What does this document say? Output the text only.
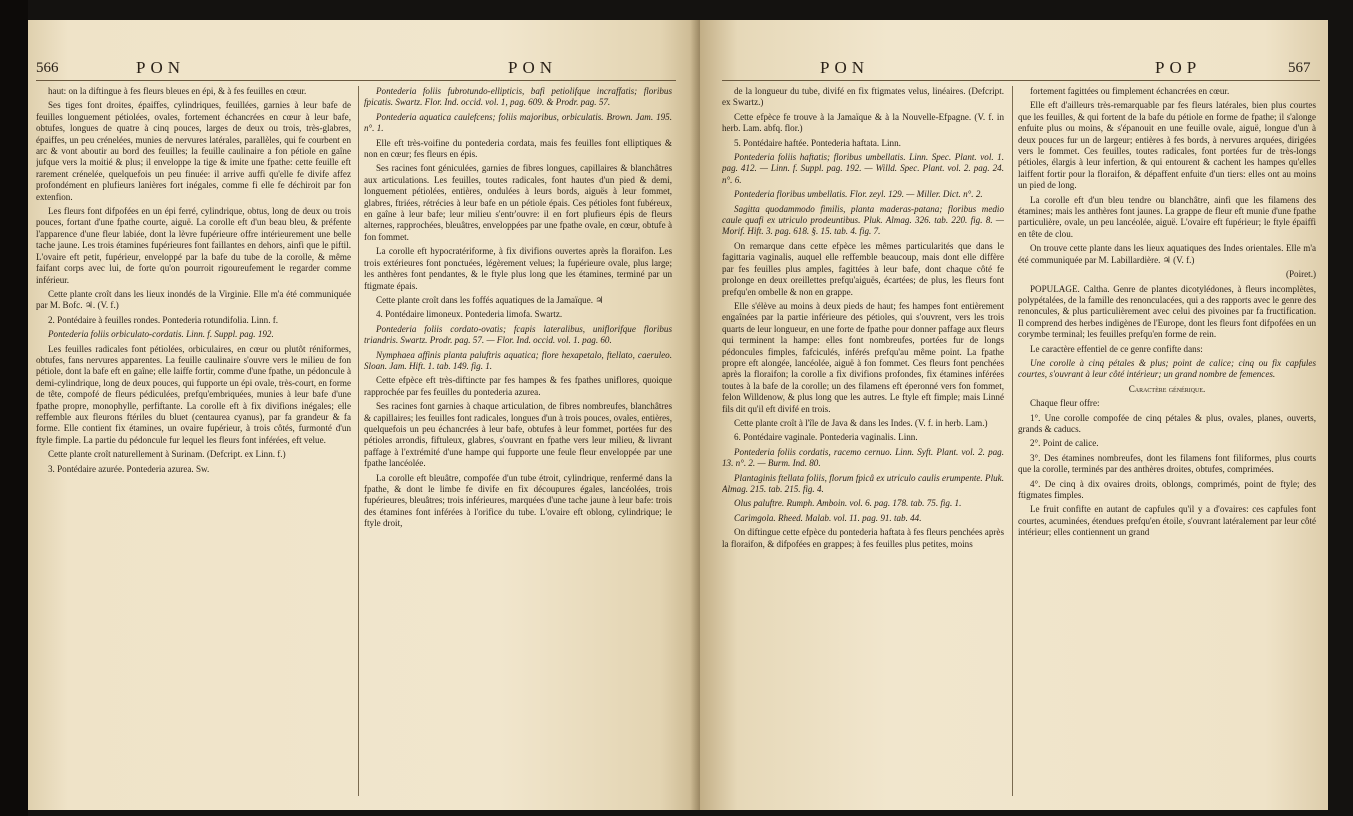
566	PON	PON

haut: on la diftingue à fes fleurs bleues en épi, & à fes feuilles en cœur.

Ses tiges font droites, épaiffes, cylindriques, feuillées, garnies à leur bafe de feuilles longuement pétiolées, ovales, fortement échancrées en cœur à leur bafe, obtufes, longues de quatre à cinq pouces, larges de deux ou trois, très-glabres, épaiffes, un peu crénelées, munies de nervures latérales, parallèles, qui fe courbent en arc & vont aboutir au bord des feuilles; la feuille caulinaire a fon pétiole en gaîne jufque vers la moitié & plus; il enveloppe la tige & imite une fpathe: cette feuille eft rarement crénelée, quelquefois un peu finuée: il arrive auffi qu'elle fe divife affez profondément en plufieurs lanières fort inégales, comme fi elle fe déchiroit par fon extenfion.

Les fleurs font difpofées en un épi ferré, cylindrique, obtus, long de deux ou trois pouces, fortant d'une fpathe courte, aiguë. La corolle eft d'un beau bleu, & préfente l'apparence d'une fleur labiée, dont la lèvre fupérieure offre intérieurement une belle tache jaune. Les trois étamines fupérieures font faillantes en dehors, ainfi que le piftil. L'ovaire eft petit, fupérieur, enveloppé par la bafe du tube de la corolle, & même faifant corps avec lui, de forte qu'on pourroit rigoureufement le regarder comme inférieur.

Cette plante croît dans les lieux inondés de la Virginie. Elle m'a été communiquée par M. Bofc. ♃. (V. f.)

2. Pontédaire à feuilles rondes. Pontederia rotundifolia. Linn. f.

Pontederia foliis orbiculato-cordatis. Linn. f. Suppl. pag. 192.

Les feuilles radicales font pétiolées, orbiculaires, en cœur ou plutôt réniformes, obtufes, fans nervures apparentes. La feuille caulinaire s'ouvre vers le milieu de fon pétiole, dont la bafe eft en gaîne; elle laiffe fortir, comme d'une fpathe, un pédoncule à demi-cylindrique, long de deux pouces, qui fupporte un épi ovale, très-court, en forme de tête, compofé de fleurs pédiculées, prefqu'embriquées, munies à leur bafe d'une fpathe propre, monophylle, perfiftante. La corolle eft à fix divifions inégales; elle reffemble aux fleurons ftériles du bluet (centaurea cyanus), par fa grandeur & fa forme. Elle contient fix étamines, un ovaire fupérieur, à trois côtés, furmonté d'un ftyle fimple. La partie du pédoncule fur lequel les fleurs font inférées, eft velue.

Cette plante croît naturellement à Surinam. (Defcript. ex Linn. f.)

3. Pontédaire azurée. Pontederia azurea. Sw.

Pontederia foliis fubrotundo-ellipticis, bafi petiolifque incraffatis; floribus fpicatis. Swartz. Flor. Ind. occid. vol. 1, pag. 609. & Prodr. pag. 57.

Pontederia aquatica caulefcens; foliis majoribus, orbiculatis. Brown. Jam. 195. n°. 1.

Elle eft très-voifine du pontederia cordata, mais fes feuilles font elliptiques & non en cœur; fes fleurs en épis.

Ses racines font géniculées, garnies de fibres longues, capillaires & blanchâtres aux articulations. Les feuilles, toutes radicales, font hautes d'un pied & demi, longuement pétiolées, entières, ondulées à leurs bords, aiguës à leur fommet, glabres, ftriées, rétrécies à leur bafe en un pétiole épais. Ces pétioles font fubéreux, en gaîne à leur bafe; leur milieu s'entr'ouvre: il en fort plufieurs épis de fleurs alternes, rapprochées, bleuâtres, enveloppées par une fpathe ovale, en cœur, obtufe à fon fommet.

La corolle eft hypocratériforme, à fix divifions ouvertes après la floraifon. Les trois extérieures font ponctuées, légèrement velues; la fupérieure ovale, plus large; les anthères font pendantes, & le ftyle plus long que les étamines, terminé par un ftigmate épais.

Cette plante croît dans les foffés aquatiques de la Jamaïque. ♃

4. Pontédaire limoneux. Pontederia limofa. Swartz.

Pontederia foliis cordato-ovatis; fcapis lateralibus, uniflorifque floribus triandris. Swartz. Prodr. pag. 57. — Flor. Ind. occid. vol. 1. pag. 60.

Nymphaea affinis planta paluftris aquatica; flore hexapetalo, ftellato, caeruleo. Sloan. Jam. Hift. 1. tab. 149. fig. 1.

Cette efpèce eft très-diftincte par fes hampes & fes fpathes uniflores, quoique rapprochée par fes feuilles du pontederia azurea.

Ses racines font garnies à chaque articulation, de fibres nombreufes, blanchâtres & capillaires; les feuilles font radicales, longues d'un à trois pouces, ovales, entières, quelquefois un peu échancrées à leur bafe, obtufes à leur fommet, portées fur des pétioles arrondis, fiftuleux, glabres, s'ouvrant en fpathe vers leur milieu, & livrant paffage à l'extrémité d'une hampe qui fupporte une feule fleur enveloppée par une fpathe lancéolée.

La corolle eft bleuâtre, compofée d'un tube étroit, cylindrique, renfermé dans la fpathe, & dont le limbe fe divife en fix découpures égales, lancéolées, trois fupérieures, bleuâtres; trois inférieures, marquées d'une tache jaune à leur bafe: trois des étamines font inférées à l'orifice du tube. L'ovaire eft oblong, cylindrique; le ftyle droit,

PON	POP	567

de la longueur du tube, divifé en fix ftigmates velus, linéaires. (Defcript. ex Swartz.)

Cette efpèce fe trouve à la Jamaïque & à la Nouvelle-Efpagne. (V. f. in herb. Lam. abfq. flor.)

5. Pontédaire haftée. Pontederia haftata. Linn.

Pontederia foliis haftatis; floribus umbellatis. Linn. Spec. Plant. vol. 1. pag. 412. — Linn. f. Suppl. pag. 192. — Willd. Spec. Plant. vol. 2. pag. 24. n°. 6.

Pontederia floribus umbellatis. Flor. zeyl. 129. — Miller. Dict. n°. 2.

Sagitta quodammodo fimilis, planta maderas-patana; floribus medio caule quafi ex utriculo prodeuntibus. Pluk. Almag. 326. tab. 220. fig. 8. — Morif. Hift. 3. pag. 618. §. 15. tab. 4. fig. 7.

On remarque dans cette efpèce les mêmes particularités que dans le fagittaria vaginalis, auquel elle reffemble beaucoup, mais dont elle diffère par fes feuilles plus amples, fagittées à leur bafe, dont chaque côté fe prolonge en deux oreillettes prefqu'aiguës, écartées; de plus, les fleurs font prefqu'en ombelle & non en grappe.

Elle s'élève au moins à deux pieds de haut; fes hampes font entièrement engaînées par la partie inférieure des pétioles, qui s'ouvrent, vers les trois quarts de leur longueur, en une forte de fpathe pour donner paffage aux fleurs qui terminent la hampe: elles font nombreufes, portées fur de longs pédoncules fimples, fafciculés, inférés prefqu'au même point. La fpathe propre eft alongée, lancéolée, aiguë à fon fommet. Ces fleurs font penchées après la floraifon; la corolle a fix divifions profondes, fix étamines inférées toutes à la bafe de la corolle; un des filamens eft éperonné vers fon fommet, felon Willdenow, & plus long que les autres. Le ftyle eft fimple; mais Linné fils dit qu'il eft divifé en trois.

Cette plante croît à l'île de Java & dans les Indes. (V. f. in herb. Lam.)

6. Pontédaire vaginale. Pontederia vaginalis. Linn.

Pontederia foliis cordatis, racemo cernuo. Linn. Syft. Plant. vol. 2. pag. 13. n°. 2. — Burm. Ind. 80.

Plantaginis ftellata foliis, florum fpicâ ex utriculo caulis erumpente. Pluk. Almag. 215. tab. 215. fig. 4.

Olus paluftre. Rumph. Amboin. vol. 6. pag. 178. tab. 75. fig. 1.

Carimgola. Rheed. Malab. vol. 11. pag. 91. tab. 44.

On diftingue cette efpèce du pontederia haftata à fes fleurs penchées après la floraifon, & difpofées en grappes; à fes feuilles plus petites, moins

fortement fagittées ou fimplement échancrées en cœur.

Elle eft d'ailleurs très-remarquable par fes fleurs latérales, bien plus courtes que les feuilles, & qui fortent de la bafe du pétiole en forme de fpathe; il s'alonge enfuite plus ou moins, & s'épanouit en une feuille ovale, aiguë, longue d'un à deux pouces fur un de largeur; entières à fes bords, à nervures arquées, dirigées vers le fommet. Ces feuilles, toutes radicales, font portées fur de très-longs pétioles, élargis à leur infertion, & qui entourent & cachent les hampes qu'elles laiffent fortir pour la floraifon, & dépaffent enfuite d'un tiers: elles ont au moins un pied de long.

La corolle eft d'un bleu tendre ou blanchâtre, ainfi que les filamens des étamines; mais les anthères font jaunes. La grappe de fleur eft munie d'une fpathe particulière, ovale, un peu lancéolée, aiguë. L'ovaire eft fupérieur; le ftyle épaiffi en tête de clou.

On trouve cette plante dans les lieux aquatiques des Indes orientales. Elle m'a été communiquée par M. Labillardière. ♃ (V. f.)

(Poiret.)

POPULAGE. Caltha. Genre de plantes dicotylédones, à fleurs incomplètes, polypétalées, de la famille des renonculacées, qui a des rapports avec le genre des renoncules, & plus particulièrement avec celui des pivoines par fa fructification. Il comprend des herbes indigènes de l'Europe, dont les fleurs font difpofées en un corymbe terminal; les feuilles prefqu'en forme de rein.

Le caractère effentiel de ce genre confifte dans:

Une corolle à cinq pétales & plus; point de calice; cinq ou fix capfules courtes, s'ouvrant à leur côté intérieur; un grand nombre de femences.

Caractère générique.

Chaque fleur offre:

1°. Une corolle compofée de cinq pétales & plus, ovales, planes, ouverts, grands & caducs.

2°. Point de calice.

3°. Des étamines nombreufes, dont les filamens font filiformes, plus courts que la corolle, terminés par des anthères droites, obtufes, comprimées.

4°. De cinq à dix ovaires droits, oblongs, comprimés, point de ftyle; des ftigmates fimples.

Le fruit confifte en autant de capfules qu'il y a d'ovaires: ces capfules font courtes, acuminées, étendues prefqu'en étoile, s'ouvrant latéralement par leur côté intérieur; elles contiennent un grand
